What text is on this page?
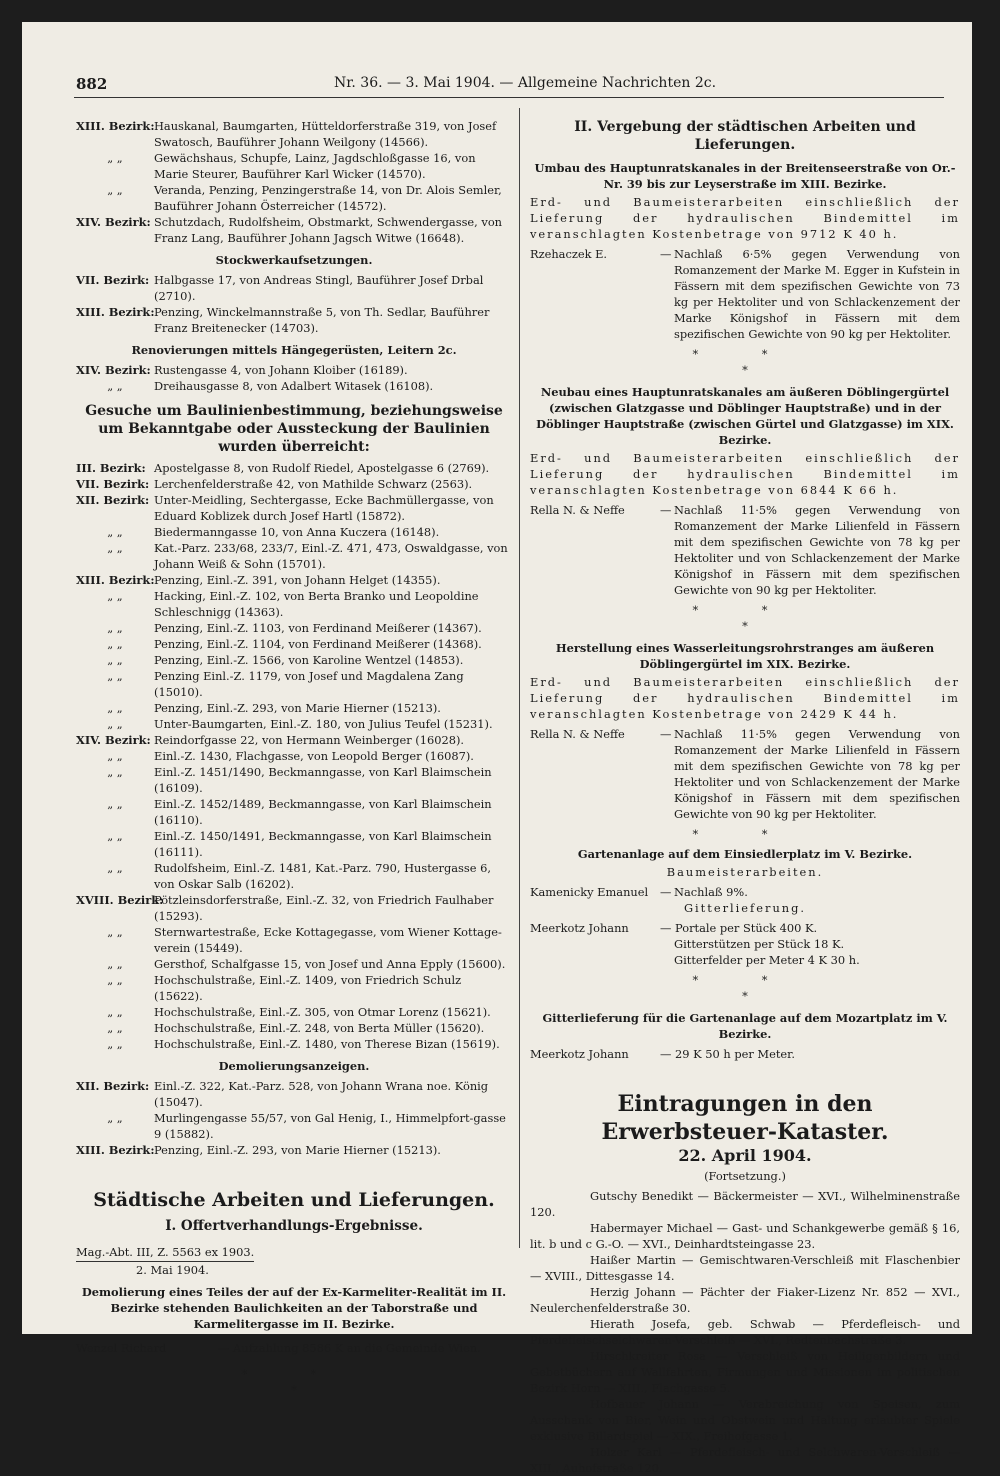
882	Nr. 36. — 3. Mai 1904. — Allgemeine Nachrichten 2c.
XIII. Bezirk: Hauskanal, Baumgarten, Hütteldorferstraße 319, von Josef Swatosch, Bauführer Johann Weilgony (14566).
„ „	Gewächshaus, Schupfe, Lainz, Jagdschloßgasse 16, von Marie Steurer, Bauführer Karl Wicker (14570).
„ „	Veranda, Penzing, Penzingerstraße 14, von Dr. Alois Semler, Bauführer Johann Österreicher (14572).
XIV. Bezirk: Schutzdach, Rudolfsheim, Obstmarkt, Schwendergasse, von Franz Lang, Bauführer Johann Jagsch Witwe (16648).
Stockwerkaufsetzungen.
VII. Bezirk: Halbgasse 17, von Andreas Stingl, Bauführer Josef Drbal (2710).
XIII. Bezirk: Penzing, Winckelmannstraße 5, von Th. Sedlar, Bauführer Franz Breitenecker (14703).
Renovierungen mittels Hängegerüsten, Leitern 2c.
XIV. Bezirk: Rustengasse 4, von Johann Kloiber (16189).
„ „	Dreihausgasse 8, von Adalbert Witasek (16108).
Gesuche um Baulinienbestimmung, beziehungsweise um Bekanntgabe oder Aussteckung der Baulinien wurden überreicht:
III. Bezirk: Apostelgasse 8, von Rudolf Riedel, Apostelgasse 6 (2769).
VII. Bezirk: Lerchenfelderstraße 42, von Mathilde Schwarz (2563).
XII. Bezirk: Unter-Meidling, Sechtergasse, Ecke Bachmüllergasse, von Eduard Koblizek durch Josef Hartl (15872).
„ „	Biedermanngasse 10, von Anna Kuczera (16148).
„ „	Kat.-Parz. 233/68, 233/7, Einl.-Z. 471, 473, Oswaldgasse, von Johann Weiß & Sohn (15701).
XIII. Bezirk: Penzing, Einl.-Z. 391, von Johann Helget (14355).
„ „	Hacking, Einl.-Z. 102, von Berta Branko und Leopoldine Schleschnigg (14363).
„ „	Penzing, Einl.-Z. 1103, von Ferdinand Meißerer (14367).
„ „	Penzing, Einl.-Z. 1104, von Ferdinand Meißerer (14368).
„ „	Penzing, Einl.-Z. 1566, von Karoline Wentzel (14853).
„ „	Penzing Einl.-Z. 1179, von Josef und Magdalena Zang (15010).
„ „	Penzing, Einl.-Z. 293, von Marie Hierner (15213).
„ „	Unter-Baumgarten, Einl.-Z. 180, von Julius Teufel (15231).
XIV. Bezirk: Reindorfgasse 22, von Hermann Weinberger (16028).
„ „	Einl.-Z. 1430, Flachgasse, von Leopold Berger (16087).
„ „	Einl.-Z. 1451/1490, Beckmanngasse, von Karl Blaimschein (16109).
„ „	Einl.-Z. 1452/1489, Beckmanngasse, von Karl Blaimschein (16110).
„ „	Einl.-Z. 1450/1491, Beckmanngasse, von Karl Blaimschein (16111).
„ „	Rudolfsheim, Einl.-Z. 1481, Kat.-Parz. 790, Hustergasse 6, von Oskar Salb (16202).
XVIII. Bezirk:
Pötzleinsdorferstraße, Einl.-Z. 32, von Friedrich Faulhaber (15293).
„ „	Sternwartestraße, Ecke Kottagegasse, vom Wiener Kottage-verein (15449).
„ „	Gersthof, Schalfgasse 15, von Josef und Anna Epply (15600).
„ „	Hochschulstraße, Einl.-Z. 1409, von Friedrich Schulz (15622).
„ „	Hochschulstraße, Einl.-Z. 305, von Otmar Lorenz (15621).
„ „	Hochschulstraße, Einl.-Z. 248, von Berta Müller (15620).
„ „	Hochschulstraße, Einl.-Z. 1480, von Therese Bizan (15619).
Demolierungsanzeigen.
XII. Bezirk: Einl.-Z. 322, Kat.-Parz. 528, von Johann Wrana noe. König (15047).
„ „	Murlingengasse 55/57, von Gal Henig, I., Himmelpfort-gasse 9 (15882).
XIII. Bezirk: Penzing, Einl.-Z. 293, von Marie Hierner (15213).
Städtische Arbeiten und Lieferungen.
I. Offertverhandlungs-Ergebnisse.
Mag.-Abt. III, Z. 5563 ex 1903.
2. Mai 1904.
Demolierung eines Teiles der auf der Ex-Karmeliter-Realität im II. Bezirke stehenden Baulichkeiten an der Taborstraße und Karmelitergasse im II. Bezirke.
Wenzel Richard	— Aufzahlung 8586 K an die Gemeinde Wien.
* *
*
II. Vergebung der städtischen Arbeiten und Lieferungen.
Umbau des Hauptunratskanales in der Breitenseerstraße von Or.-Nr. 39 bis zur Leyserstraße im XIII. Bezirke.
Erd- und Baumeisterarbeiten einschließlich der Lieferung der hydraulischen Bindemittel im veranschlagten Kostenbetrage von 9712 K 40 h.
Rzehaczek E.	— Nachlaß 6·5% gegen Verwendung von Romanzement der Marke M. Egger in Kufstein in Fässern mit dem spezifischen Gewichte von 73 kg per Hektoliter und von Schlackenzement der Marke Königshof in Fässern mit dem spezifischen Gewichte von 90 kg per Hektoliter.
* *
*
Neubau eines Hauptunratskanales am äußeren Döblingergürtel (zwischen Glatzgasse und Döblinger Hauptstraße) und in der Döblinger Hauptstraße (zwischen Gürtel und Glatzgasse) im XIX. Bezirke.
Erd- und Baumeisterarbeiten einschließlich der Lieferung der hydraulischen Bindemittel im veranschlagten Kostenbetrage von 6844 K 66 h.
Rella N. & Neffe	— Nachlaß 11·5% gegen Verwendung von Romanzement der Marke Lilienfeld in Fässern mit dem spezifischen Gewichte von 78 kg per Hektoliter und von Schlackenzement der Marke Königshof in Fässern mit dem spezifischen Gewichte von 90 kg per Hektoliter.
* *
*
Herstellung eines Wasserleitungsrohrstranges am äußeren Döblingergürtel im XIX. Bezirke.
Erd- und Baumeisterarbeiten einschließlich der Lieferung der hydraulischen Bindemittel im veranschlagten Kostenbetrage von 2429 K 44 h.
Rella N. & Neffe	— Nachlaß 11·5% gegen Verwendung von Romanzement der Marke Lilienfeld in Fässern mit dem spezifischen Gewichte von 78 kg per Hektoliter und von Schlackenzement der Marke Königshof in Fässern mit dem spezifischen Gewichte von 90 kg per Hektoliter.
* *
Gartenanlage auf dem Einsiedlerplatz im V. Bezirke.
Baumeisterarbeiten.
Kamenicky Emanuel	— Nachlaß 9%.
Gitterlieferung.
Meerkotz Johann	— Portale per Stück 400 K.
Gitterstützen per Stück 18 K.
Gitterfelder per Meter 4 K 30 h.
* *
*
Gitterlieferung für die Gartenanlage auf dem Mozartplatz im V. Bezirke.
Meerkotz Johann	— 29 K 50 h per Meter.
Eintragungen in den Erwerbsteuer-Kataster.
22. April 1904.
(Fortsetzung.)
Gutschy Benedikt — Bäckermeister — XVI., Wilhelminenstraße 120.
Habermayer Michael — Gast- und Schankgewerbe gemäß § 16, lit. b und c G.-O. — XVI., Deinhardtsteingasse 23.
Haißer Martin — Gemischtwaren-Verschleiß mit Flaschenbier — XVIII., Dittesgasse 14.
Herzig Johann — Pächter der Fiaker-Lizenz Nr. 852 — XVI., Neulerchenfelderstraße 30.
Hierath Josefa, geb. Schwab — Pferdefleisch- und Pferdefleischselchwaren-Verschleiß — XVI., Redtenbachstraße 3.
Hirschkreiter Rosa — Verschleiß von Heiligenbildern und Gebetbüchern auf Wallfahrten, Firmungen und Missionen im politischen Bezirk Horn — XIII., Flachgasse 5.
Hofbauer Johann — Verabreichung von Speisen, zum Ausschank von Bier, Wein und Obstwein und Haltung erlaubter Spiele exklusive Billardspiel — XIX., Freihofgasse 1.
Holzer Karl — Pferdefleisch- und Selchwaren-Verschleiß — XIII., Auhofstraße 120.
